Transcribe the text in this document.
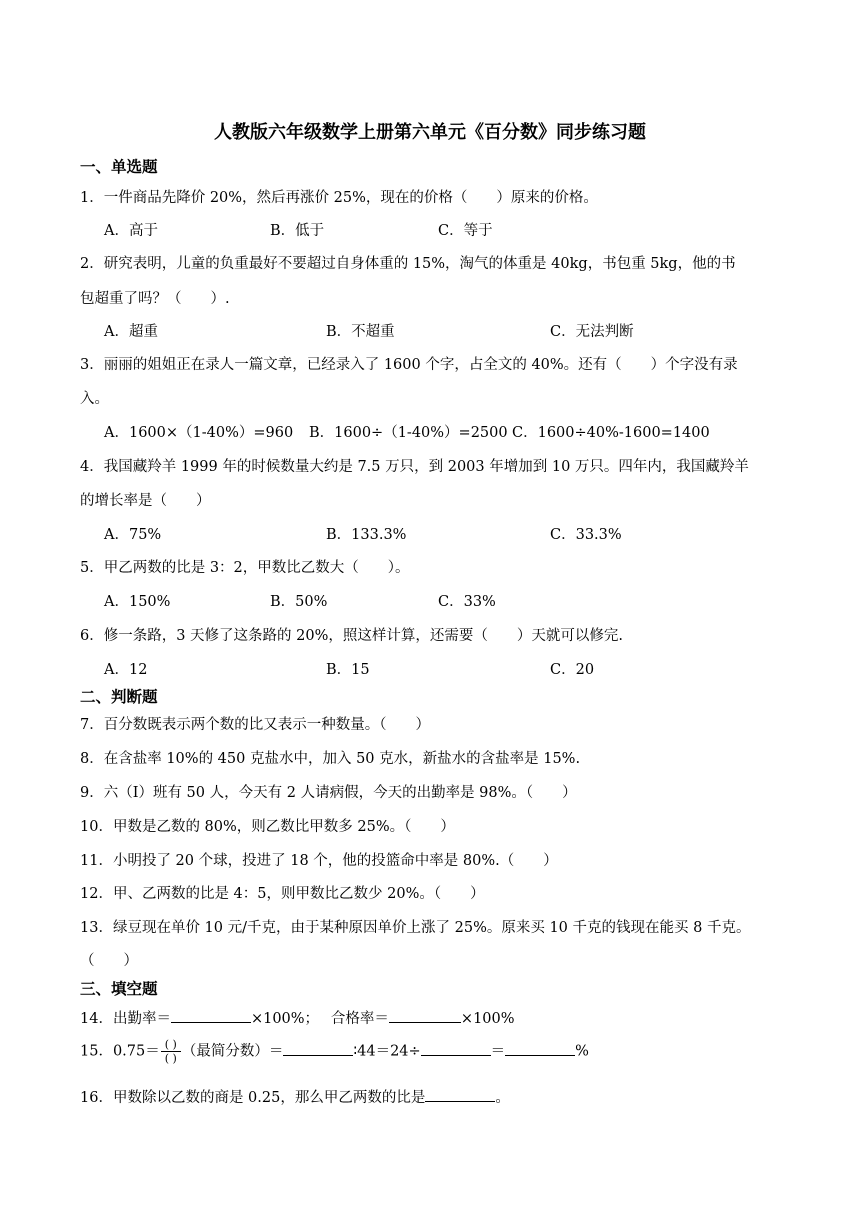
人教版六年级数学上册第六单元《百分数》同步练习题
一、单选题
1．一件商品先降价 20%，然后再涨价 25%，现在的价格（　　）原来的价格。
A．高于	B．低于	C．等于
2．研究表明，儿童的负重最好不要超过自身体重的 15%，淘气的体重是 40kg，书包重 5kg，他的书
包超重了吗？（　　）.
A．超重	B．不超重	C．无法判断
3．丽丽的姐姐正在录人一篇文章，已经录入了 1600 个字，占全文的 40%。还有（　　）个字没有录
入。
A．1600×（1-40%）=960 B．1600÷（1-40%）=2500 C．1600÷40%-1600=1400
4．我国藏羚羊 1999 年的时候数量大约是 7.5 万只，到 2003 年增加到 10 万只。四年内，我国藏羚羊
的增长率是（　　）
A．75%	B．133.3%	C．33.3%
5．甲乙两数的比是 3：2，甲数比乙数大（　　）。
A．150%	B．50%	C．33%
6．修一条路，3 天修了这条路的 20%，照这样计算，还需要（　　）天就可以修完.
A．12	B．15	C．20
二、判断题
7．百分数既表示两个数的比又表示一种数量。（　　）
8．在含盐率 10%的 450 克盐水中，加入 50 克水，新盐水的含盐率是 15%.
9．六（I）班有 50 人，今天有 2 人请病假，今天的出勤率是 98%。（　　）
10．甲数是乙数的 80%，则乙数比甲数多 25%。（　　）
11．小明投了 20 个球，投进了 18 个，他的投篮命中率是 80%.（　　）
12．甲、乙两数的比是 4：5，则甲数比乙数少 20%。（　　）
13．绿豆现在单价 10 元/千克，由于某种原因单价上涨了 25%。原来买 10 千克的钱现在能买 8 千克。
（　　）
三、填空题
14．出勤率＝	×100%；　 合格率＝	×100%
15．$0.75= \frac{( )}{( )}$ （最简分数）＝	∶44＝24÷	＝	%
16．甲数除以乙数的商是 0.25，那么甲乙两数的比是	。
